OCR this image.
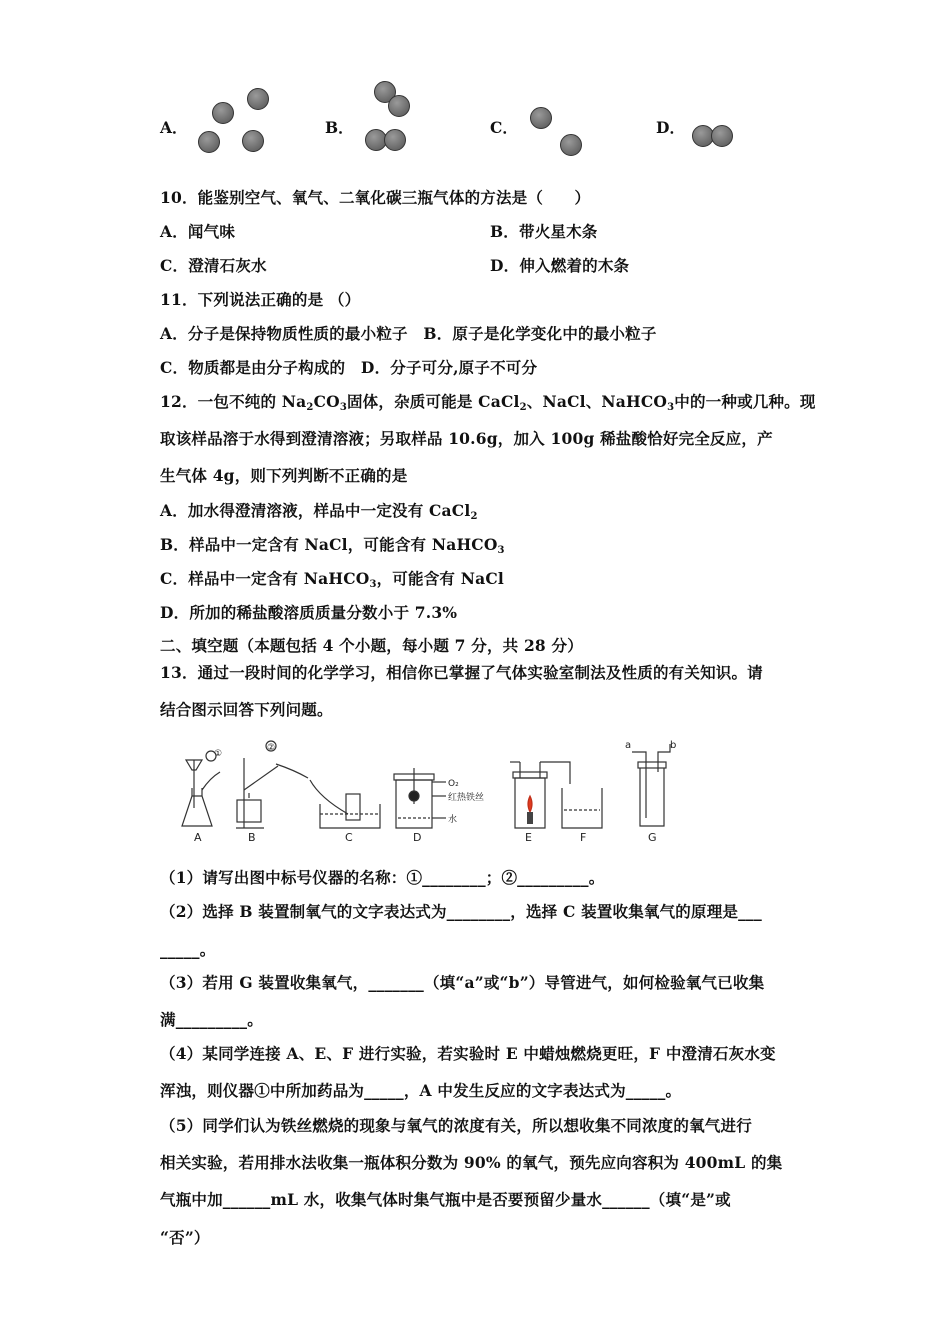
A．	B．	C．	D．
10．能鉴别空气、氧气、二氧化碳三瓶气体的方法是（　　）
A．闻气味	B．带火星木条
C．澄清石灰水	D．伸入燃着的木条
11．下列说法正确的是 （）
A．分子是保持物质性质的最小粒子　B．原子是化学变化中的最小粒子
C．物质都是由分子构成的　D．分子可分,原子不可分
12．一包不纯的 $Na_2CO_3$固体，杂质可能是 CaCl$_2$、NaCl、NaHCO$_3$中的一种或几种。现
取该样品溶于水得到澄清溶液；另取样品 10.6g，加入 100g 稀盐酸恰好完全反应，产
生气体 4g，则下列判断不正确的是
A．加水得澄清溶液，样品中一定没有 CaCl$_2$
B．样品中一定含有 NaCl，可能含有 NaHCO$_3$
C．样品中一定含有 NaHCO$_3$，可能含有 NaCl
D．所加的稀盐酸溶质质量分数小于 7.3%
二、填空题（本题包括 4 个小题，每小题 7 分，共 28 分）
13．通过一段时间的化学学习，相信你已掌握了气体实验室制法及性质的有关知识。请
结合图示回答下列问题。
O₂
红热铁丝
水
a	b
①
②
A	B	C	D	E	F	G
（1）请写出图中标号仪器的名称：①________；②_________。
（2）选择 B 装置制氧气的文字表达式为________，选择 C 装置收集氧气的原理是___
_____。
（3）若用 G 装置收集氧气，_______（填“a”或“b”）导管进气，如何检验氧气已收集
满_________。
（4）某同学连接 A、E、F 进行实验，若实验时 E 中蜡烛燃烧更旺，F 中澄清石灰水变
浑浊，则仪器①中所加药品为_____，A 中发生反应的文字表达式为_____。
（5）同学们认为铁丝燃烧的现象与氧气的浓度有关，所以想收集不同浓度的氧气进行
相关实验，若用排水法收集一瓶体积分数为 90% 的氧气，预先应向容积为 400mL 的集
气瓶中加______mL 水，收集气体时集气瓶中是否要预留少量水______（填“是”或
“否”）
